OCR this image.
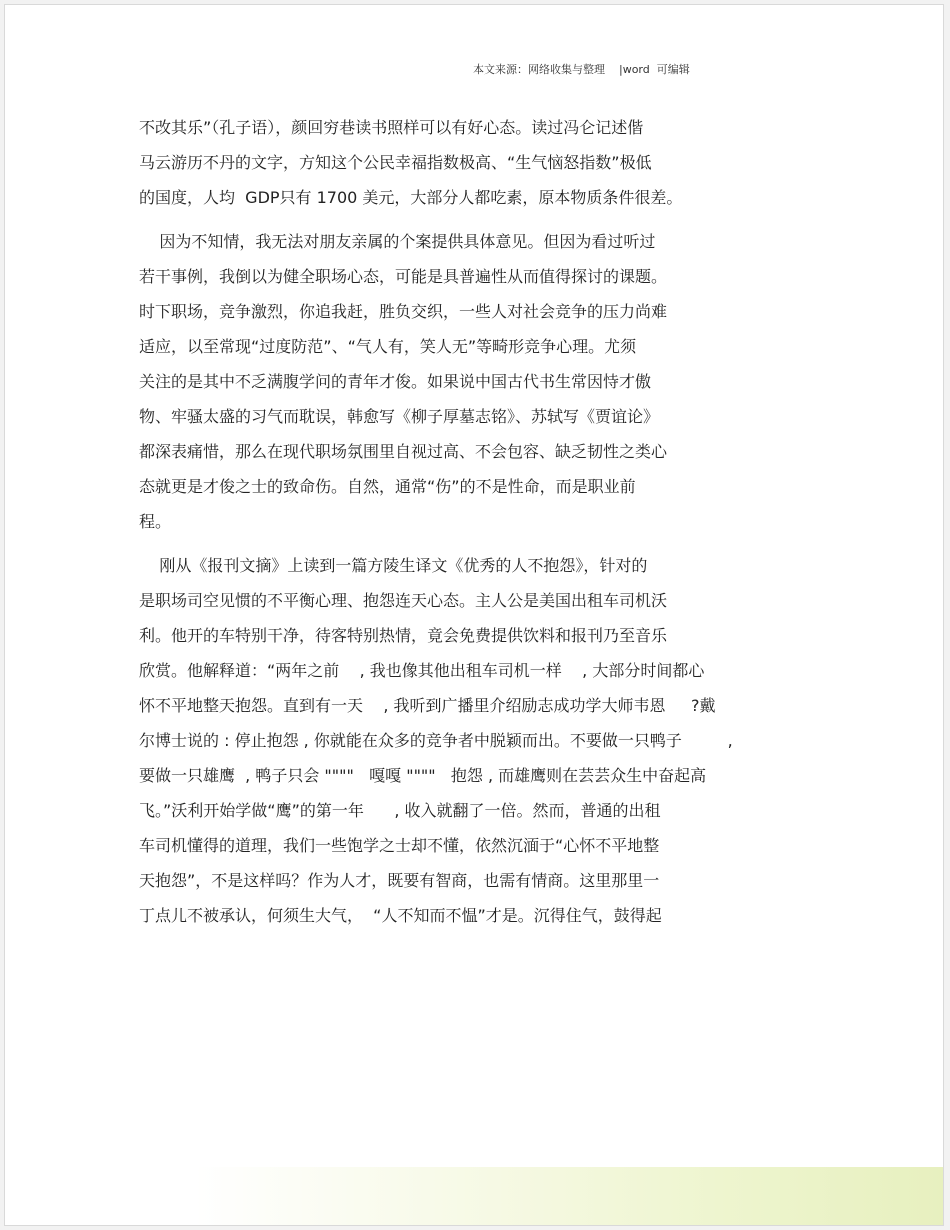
本文来源：网络收集与整理    |word  可编辑
不改其乐”（孔子语），颜回穷巷读书照样可以有好心态。读过冯仑记述偕
马云游历不丹的文字，方知这个公民幸福指数极高、“生气恼怒指数”极低
的国度，人均  GDP只有 1700 美元，大部分人都吃素，原本物质条件很差。
因为不知情，我无法对朋友亲属的个案提供具体意见。但因为看过听过
若干事例，我倒以为健全职场心态，可能是具普遍性从而值得探讨的课题。
时下职场，竞争激烈，你追我赶，胜负交织，一些人对社会竞争的压力尚难
适应，以至常现“过度防范”、“气人有，笑人无”等畸形竞争心理。尤须
关注的是其中不乏满腹学问的青年才俊。如果说中国古代书生常因恃才傲
物、牢骚太盛的习气而耽误，韩愈写《柳子厚墓志铭》、苏轼写《贾谊论》
都深表痛惜，那么在现代职场氛围里自视过高、不会包容、缺乏韧性之类心
态就更是才俊之士的致命伤。自然，通常“伤”的不是性命，而是职业前
程。
刚从《报刊文摘》上读到一篇方陵生译文《优秀的人不抱怨》，针对的
是职场司空见惯的不平衡心理、抱怨连天心态。主人公是美国出租车司机沃
利。他开的车特别干净，待客特别热情，竟会免费提供饮料和报刊乃至音乐
欣赏。他解释道：“两年之前    , 我也像其他出租车司机一样    , 大部分时间都心
怀不平地整天抱怨。直到有一天    , 我听到广播里介绍励志成功学大师韦恩     ?戴
尔博士说的 : 停止抱怨 , 你就能在众多的竞争者中脱颖而出。不要做一只鸭子         ,
要做一只雄鹰  , 鸭子只会 """"   嘎嘎 """"   抱怨 , 而雄鹰则在芸芸众生中奋起高
飞。”沃利开始学做“鹰”的第一年      , 收入就翻了一倍。然而，普通的出租
车司机懂得的道理，我们一些饱学之士却不懂，依然沉湎于“心怀不平地整
天抱怨”，不是这样吗？作为人才，既要有智商，也需有情商。这里那里一
丁点儿不被承认，何须生大气，  “人不知而不愠”才是。沉得住气，鼓得起
